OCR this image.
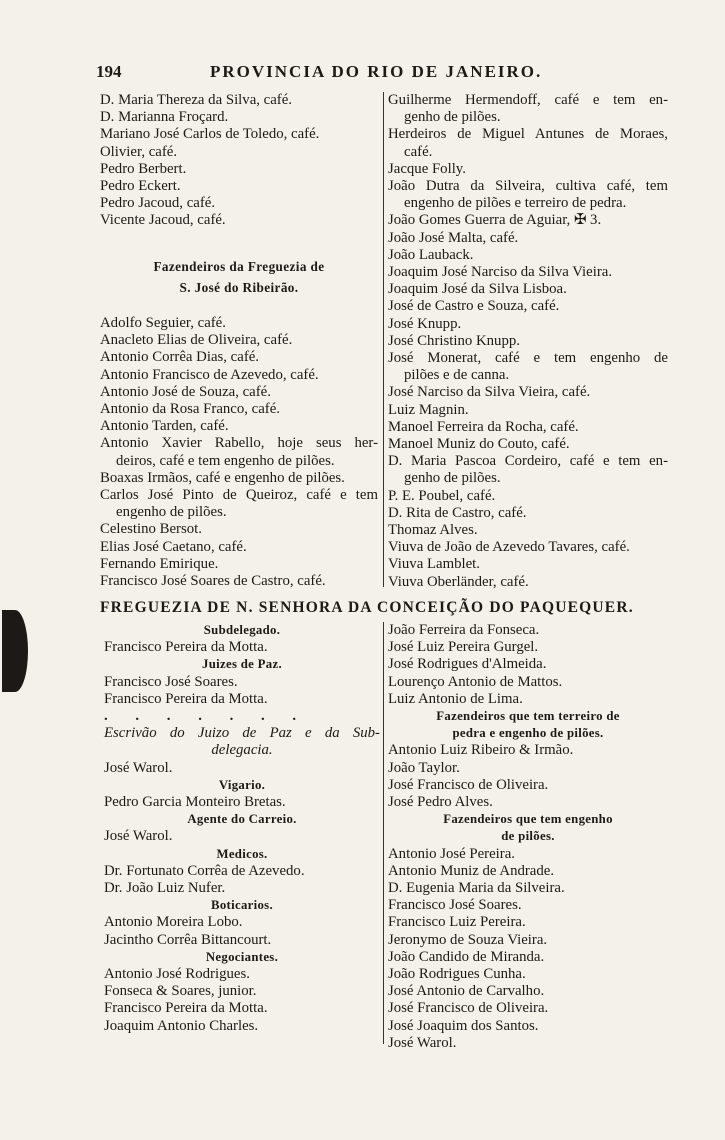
194	PROVINCIA DO RIO DE JANEIRO.
D. Maria Thereza da Silva, café.
D. Marianna Froçard.
Mariano José Carlos de Toledo, café.
Olivier, café.
Pedro Berbert.
Pedro Eckert.
Pedro Jacoud, café.
Vicente Jacoud, café.
Fazendeiros da Freguezia de
S. José do Ribeirão.
Adolfo Seguier, café.
Anacleto Elias de Oliveira, café.
Antonio Corrêa Dias, café.
Antonio Francisco de Azevedo, café.
Antonio José de Souza, café.
Antonio da Rosa Franco, café.
Antonio Tarden, café.
Antonio Xavier Rabello, hoje seus her-
deiros, café e tem engenho de pilões.
Boaxas Irmãos, café e engenho de pilões.
Carlos José Pinto de Queiroz, café e tem
engenho de pilões.
Celestino Bersot.
Elias José Caetano, café.
Fernando Emirique.
Francisco José Soares de Castro, café.
Guilherme Hermendoff, café e tem en-
genho de pilões.
Herdeiros de Miguel Antunes de Moraes,
café.
Jacque Folly.
João Dutra da Silveira, cultiva café, tem
engenho de pilões e terreiro de pedra.
João Gomes Guerra de Aguiar, ✠ 3.
João José Malta, café.
João Lauback.
Joaquim José Narciso da Silva Vieira.
Joaquim José da Silva Lisboa.
José de Castro e Souza, café.
José Knupp.
José Christino Knupp.
José Monerat, café e tem engenho de
pilões e de canna.
José Narciso da Silva Vieira, café.
Luiz Magnin.
Manoel Ferreira da Rocha, café.
Manoel Muniz do Couto, café.
D. Maria Pascoa Cordeiro, café e tem en-
genho de pilões.
P. E. Poubel, café.
D. Rita de Castro, café.
Thomaz Alves.
Viuva de João de Azevedo Tavares, café.
Viuva Lamblet.
Viuva Oberländer, café.
FREGUEZIA DE N. SENHORA DA CONCEIÇÃO DO PAQUEQUER.
Subdelegado.
Francisco Pereira da Motta.
Juizes de Paz.
Francisco José Soares.
Francisco Pereira da Motta.
. . . . . . .
Escrivão do Juizo de Paz e da Sub-
delegacia.
José Warol.
Vigario.
Pedro Garcia Monteiro Bretas.
Agente do Carreio.
José Warol.
Medicos.
Dr. Fortunato Corrêa de Azevedo.
Dr. João Luiz Nufer.
Boticarios.
Antonio Moreira Lobo.
Jacintho Corrêa Bittancourt.
Negociantes.
Antonio José Rodrigues.
Fonseca & Soares, junior.
Francisco Pereira da Motta.
Joaquim Antonio Charles.
João Ferreira da Fonseca.
José Luiz Pereira Gurgel.
José Rodrigues d'Almeida.
Lourenço Antonio de Mattos.
Luiz Antonio de Lima.
Fazendeiros que tem terreiro de
pedra e engenho de pilões.
Antonio Luiz Ribeiro & Irmão.
João Taylor.
José Francisco de Oliveira.
José Pedro Alves.
Fazendeiros que tem engenho
de pilões.
Antonio José Pereira.
Antonio Muniz de Andrade.
D. Eugenia Maria da Silveira.
Francisco José Soares.
Francisco Luiz Pereira.
Jeronymo de Souza Vieira.
João Candido de Miranda.
João Rodrigues Cunha.
José Antonio de Carvalho.
José Francisco de Oliveira.
José Joaquim dos Santos.
José Warol.
